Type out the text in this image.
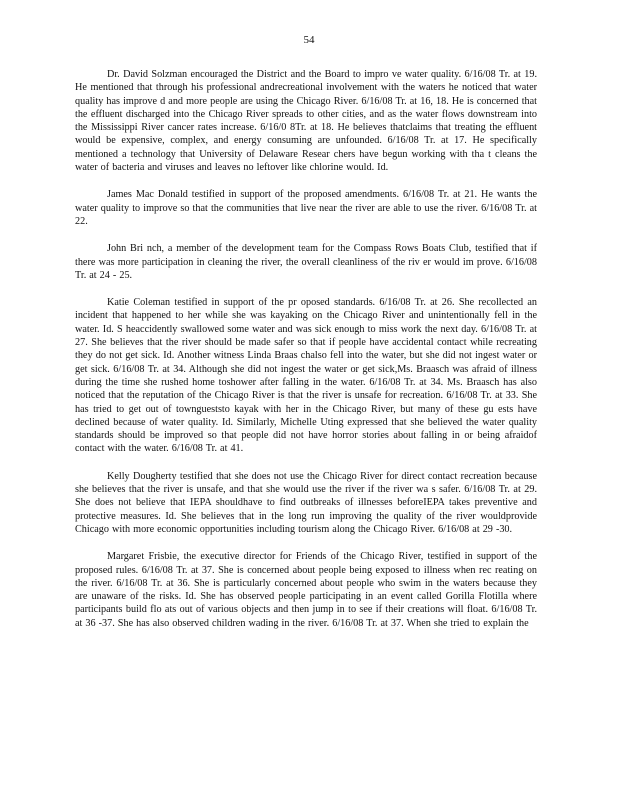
54

Dr. David Solzman encouraged the District and the Board to impro ve water quality. 6/16/08 Tr. at 19. He mentioned that through his professional andrecreational involvement with the waters he noticed that water quality has improve d and more people are using the Chicago River. 6/16/08 Tr. at 16, 18. He is concerned that the effluent discharged into the Chicago River spreads to other cities, and as the water flows downstream into the Mississippi River cancer rates increase. 6/16/0 8Tr. at 18. He believes thatclaims that treating the effluent would be expensive, complex, and energy consuming are unfounded. 6/16/08 Tr. at 17. He specifically mentioned a technology that University of Delaware Resear chers have begun working with tha t cleans the water of bacteria and viruses and leaves no leftover like chlorine would. Id.

James Mac Donald testified in support of the proposed amendments. 6/16/08 Tr. at 21. He wants the water quality to improve so that the communities that live near the river are able to use the river. 6/16/08 Tr. at 22.

John Bri nch, a member of the development team for the Compass Rows Boats Club, testified that if there was more participation in cleaning the river, the overall cleanliness of the riv er would im prove. 6/16/08 Tr. at 24 - 25.

Katie Coleman testified in support of the pr oposed standards. 6/16/08 Tr. at 26. She recollected an incident that happened to her while she was kayaking on the Chicago River and unintentionally fell in the water. Id. S heaccidently swallowed some water and was sick enough to miss work the next day. 6/16/08 Tr. at 27. She believes that the river should be made safer so that if people have accidental contact while recreating they do not get sick. Id. Another witness Linda Braas chalso fell into the water, but she did not ingest water or get sick. 6/16/08 Tr. at 34. Although she did not ingest the water or get sick,Ms. Braasch was afraid of illness during the time she rushed home toshower after falling in the water. 6/16/08 Tr. at 34. Ms. Braasch has also noticed that the reputation of the Chicago River is that the river is unsafe for recreation. 6/16/08 Tr. at 33. She has tried to get out of towngueststo kayak with her in the Chicago River, but many of these gu ests have declined because of water quality. Id. Similarly, Michelle Uting expressed that she believed the water quality standards should be improved so that people did not have horror stories about falling in or being afraidof contact with the water. 6/16/08 Tr. at 41.

Kelly Dougherty testified that she does not use the Chicago River for direct contact recreation because she believes that the river is unsafe, and that she would use the river if the river wa s safer. 6/16/08 Tr. at 29. She does not believe that IEPA shouldhave to find outbreaks of illnesses beforeIEPA takes preventive and protective measures. Id. She believes that in the long run improving the quality of the river wouldprovide Chicago with more economic opportunities including tourism along the Chicago River. 6/16/08 at 29 -30.

Margaret Frisbie, the executive director for Friends of the Chicago River, testified in support of the proposed rules. 6/16/08 Tr. at 37. She is concerned about people being exposed to illness when rec reating on the river. 6/16/08 Tr. at 36. She is particularly concerned about people who swim in the waters because they are unaware of the risks. Id. She has observed people participating in an event called Gorilla Flotilla where participants build flo ats out of various objects and then jump in to see if their creations will float. 6/16/08 Tr. at 36 -37. She has also observed children wading in the river. 6/16/08 Tr. at 37. When she tried to explain the
